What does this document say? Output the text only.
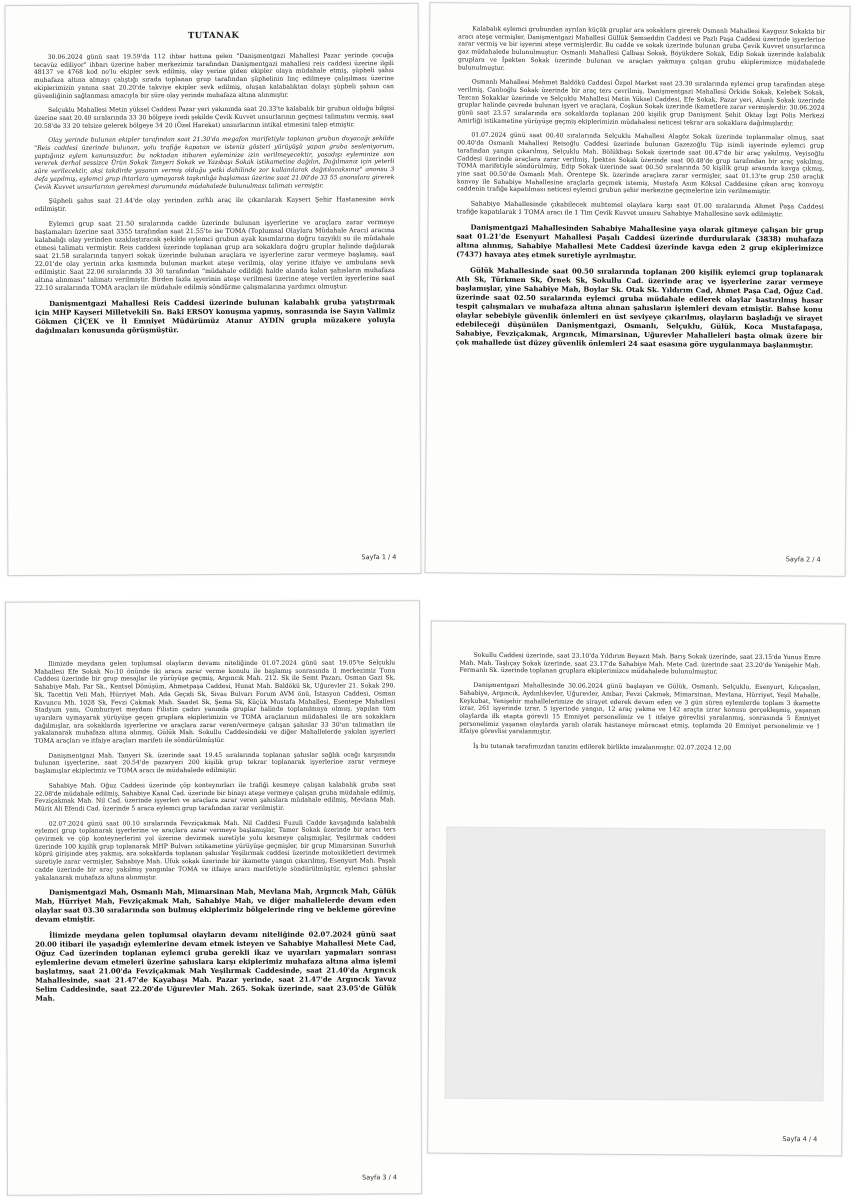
TUTANAK

30.06.2024 günü saat 19.59'da 112 ihbar hattına gelen "Danişmentgazi Mahallesi Pazar yerinde çocuğa tecavüz ediliyor" ihbarı üzerine haber merkezimiz tarafından Danişmentgazi mahallesi reis caddesi üzerine ilgili 48137 ve 4768 kod no'lu ekipler sevk edilmiş, olay yerine giden ekipler olaya müdahale etmiş, şüpheli şahsı muhafaza altına almayı çalıştığı sırada toplanan grup tarafından şüphelinin linç edilmeye çalışılması üzerine ekiplerimizin yanına saat 20.20'de takviye ekipler sevk edilmiş, oluşan kalabalıktan dolayı şüpheli şahsın can güvenliğinin sağlanması amacıyla bir süre olay yerinde muhafaza altına alınmıştır.

Selçuklu Mahallesi Metin yüksel Caddesi Pazar yeri yakınında saat 20.33'te kalabalık bir grubun olduğu bilgisi üzerine saat 20.40 sıralarında 33 30 bölgeye ivedi şekilde Çevik Kuvvet unsurlarının geçmesi talimatını vermiş, saat 20.58'de 33 20 telsize gelerek bölgeye 34 20 (Özel Harekat) unsurlarının intikal etmesini talep etmiştir.

Olay yerinde bulunan ekipler tarafından saat 21.30'da megafon marifetiyle toplanan grubun duyacağı şekilde "Reis caddesi üzerinde bulunan, yolu trafiğe kapatan ve isteniz gösteri yürüyüşü yapan gruba sesleniyorum, yaptığınız eylem kanunsuzdur, bu noktadan itibaren eyleminize izin verilmeyecektir, yasadışı eyleminize son vererek derhal sessizce Ürün Sokak Tanyeri Sokak ve Yazıbaşı Sokak istikametine dağılın, Dağılmanız için yeterli süre verilecektir, aksi takdirde yasanın vermiş olduğu yetki dahilinde zor kullanılarak dağıtılacaksınız" anonsu 3 defa yapılmış, eylemci grup ihtarlara uymayarak taşkınlığa başlaması üzerine saat 21.00'de 33 55 anonslara girerek Çevik Kuvvet unsurlarının gerekmesi durumunda müdahalede bulunulması talimatı vermiştir.

Şüpheli şahıs saat 21.44'de olay yerinden zırhlı araç ile çıkarılarak Kayseri Şehir Hastanesine sevk edilmiştir.

Eylemci grup saat 21.50 sıralarında cadde üzerinde bulunan işyerlerine ve araçlara zarar vermeye başlamaları üzerine saat 3355 tarafından saat 21.55'te ise TOMA (Toplumsal Olaylara Müdahale Aracı) aracına kalabalığı olay yerinden uzaklaştıracak şekilde eylemci grubun ayak kısımlarına doğru tazyikli su ile müdahale etmesi talimatı vermiştir. Reis caddesi üzerinde toplanan grup ara sokaklara doğru gruplar halinde dağılarak saat 21.58 sıralarında tanyeri sokak üzerinde bulunan araçlara ve işyerlerine zarar vermeye başlamış, saat 22.01'de olay yerinin arka kısmında bulunan market ateşe verilmiş, olay yerine itfaiye ve ambulans sevk edilmiştir. Saat 22.06 sıralarında 33 30 tarafından "müdahale edildiği halde alanda kalan şahısların muhafaza altına alınması" talimatı verilmiştir. Birden fazla işyerinin ateşe verilmesi üzerine ateşe verilen işyerlerine saat 22.10 sıralarında TOMA araçları ile müdahale edilmiş söndürme çalışmalarına yardımcı olmuştur.

Danişmentgazi Mahallesi Reis Caddesi üzerinde bulunan kalabalık gruba yatıştırmak için MHP Kayseri Milletvekili Sn. Baki ERSOY konuşma yapmış, sonrasında ise Sayın Valimiz Gökmen ÇİÇEK ve İl Emniyet Müdürümüz Atanur AYDIN grupla müzakere yoluyla dağılmaları konusunda görüşmüştür.

Sayfa 1 / 4

Kalabalık eylemci grubundan ayrılan küçük gruplar ara sokaklara girerek Osmanlı Mahallesi Kaygısız Sokakta bir aracı ateşe vermişler, Danişmentgazi Mahallesi Güllük Şemseddin Caddesi ve Pazlı Paşa Caddesi üzerinde işyerlerine zarar vermiş ve bir işyerini ateşe vermişlerdir. Bu cadde ve sokak üzerinde bulunan gruba Çevik Kuvvet unsurlarınca gaz müdahalede bulunulmuştur. Osmanlı Mahallesi Çalbaşı Sokak, Böyükdere Sokak, Edip Sokak üzerinde kalabalık gruplara ve İpekten Sokak üzerinde bulunan ve araçları yakmaya çalışan grubu ekiplerimizce müdahalede bulunulmuştur.

Osmanlı Mahallesi Mehmet Baldökü Caddesi Özpol Market saat 23.30 sıralarında eylemci grup tarafından ateşe verilmiş, Canlıoğlu Sokak üzerinde bir araç ters çevrilmiş, Danişmentgazi Mahallesi Örkide Sokak, Kelebek Sokak, Tezcan Sokaklar üzerinde ve Selçuklu Mahallesi Metin Yüksel Caddesi, Efe Sokak, Pazar yeri, Alunlı Sokak üzerinde gruplar halinde çevrede bulunan işyeri ve araçlara, Coşkun Sokak üzerinde ikametlere zarar vermişlerdir. 30.06.2024 günü saat 23.57 sıralarında ara sokaklarda toplanan 200 kişilik grup Danişment Şehit Oktay İzgi Polis Merkezi Amirliği istikametine yürüyüşe geçmiş ekiplerimizin müdahalesi neticesi tekrar ara sokaklara dağılmışlardır.

01.07.2024 günü saat 00.40 sıralarında Selçuklu Mahallesi Alagöz Sokak üzerinde toplanmalar olmuş, saat 00.40'da Osmanlı Mahallesi Reisoğlu Caddesi üzerinde bulunan Gazezoğlu Tüp isimli işyerinde eylemci grup tarafından yangın çıkarılmış, Selçuklu Mah. Bölükbaşı Sokak üzerinde saat 00.47'de bir araç yakılmış, Veyisoğlu Caddesi üzerinde araçlara zarar verilmiş, İpekten Sokak üzerinde saat 00.48'de grup tarafından bir araç yakılmış, TOMA marifetiyle söndürülmüş, Edip Sokak üzerinde saat 00.50 sıralarında 50 kişilik grup arasında kavga çıkmış, yine saat 00.50'de Osmanlı Mah. Örentepe Sk. üzerinde araçlara zarar vermişler, saat 01.13'te grup 250 araçlık konvoy ile Sahabiye Mahallesine araçlarla geçmek istemiş, Mustafa Asım Köksal Caddesine çıkan araç konvoyu caddenin trafiğe kapatılması neticesi eylemci grubun şehir merkezine geçmelerine izin verilmemiştir.

Sahabiye Mahallesinde çıkabilecek muhtemel olaylara karşı saat 01.00 sıralarında Ahmet Paşa Caddesi trafiğe kapatılarak 1 TOMA aracı ile 1 Tim Çevik Kuvvet unsuru Sahabiye Mahallesine sevk edilmiştir.

Danişmentgazi Mahallesinden Sahabiye Mahallesine yaya olarak gitmeye çalışan bir grup saat 01.21'de Esenyurt Mahallesi Paşalı Caddesi üzerinde durdurularak (3838) muhafaza altına alınmış, Sahabiye Mahallesi Mete Caddesi üzerinde kavga eden 2 grup ekiplerimizce (7437) havaya ateş etmek suretiyle ayrılmıştır.

Gülük Mahallesinde saat 00.50 sıralarında toplanan 200 kişilik eylemci grup toplanarak Atlı Sk, Türkmen Sk, Örnek Sk, Sokullu Cad. üzerinde araç ve işyerlerine zarar vermeye başlamışlar, yine Sahabiye Mah, Boylar Sk. Otak Sk. Yıldırım Cad, Ahmet Paşa Cad, Oğuz Cad. üzerinde saat 02.50 sıralarında eylemci gruba müdahale edilerek olaylar bastırılmış hasar tespit çalışmaları ve muhafaza altına alınan şahısların işlemleri devam etmiştir. Bahse konu olaylar sebebiyle güvenlik önlemleri en üst seviyeye çıkarılmış, olayların başladığı ve sirayet edebileceği düşünülen Danişmentgazi, Osmanlı, Selçuklu, Gülük, Koca Mustafapaşa, Sahabiye, Fevziçakmak, Argıncık, Mimarsinan, Uğurevler Mahalleleri başta olmak üzere bir çok mahallede üst düzey güvenlik önlemleri 24 saat esasına göre uygulanmaya başlanmıştır.

Sayfa 2 / 4

İlimizde meydana gelen toplumsal olayların devamı niteliğinde 01.07.2024 günü saat 19.05'te Selçuklu Mahallesi Efe Sokak No:10 önünde iki araca zarar verme konulu ile başlamış sonrasında il merkezimiz Tuna Caddesi üzerinde bir grup mesajlar ile yürüyüşe geçmiş, Argıncık Mah. 212. Sk ile Semt Pazarı, Osman Gazi Sk, Sahabiye Mah. Far Sk., Kentsel Dönüşüm, Ahmetpaşa Caddesi, Hunat Mah. Baldökü Sk, Uğurevler 21. Sokak 290. Sk, Tacettin Veli Mah, Hürriyet Mah. Ada Geçidi Sk, Sivas Bulvarı Forum AVM önü, İstasyon Caddesi, Osman Kavuncu Mh. 1028 Sk, Fevzi Çakmak Mah. Saadet Sk, Şema Sk, Küçük Mustafa Mahallesi, Esentepe Mahallesi Stadyum yanı, Cumhuriyet meydanı Filistin çadırı yanında gruplar halinde toplanılmaya olmuş, yapılan tüm uyarılara uymayarak yürüyüşe geçen gruplara ekiplerimizin ve TOMA araçlarının müdahalesi ile ara sokaklara dağılmışlar, ara sokaklarda işyerlerine ve araçlara zarar veren/vermeye çalışan şahıslar 33 30'un talimatları ile yakalanarak muhafaza altına alınmış, Gülük Mah. Sokullu Caddesindeki ve diğer Mahallelerde yakılan işyerleri TOMA araçları ve itfaiye araçları marifeti ile söndürülmüştür.

Danişmentgazi Mah. Tanyeri Sk. üzerinde saat 19.45 sıralarında toplanan şahıslar sağlık ocağı karşısında bulunan işyerlerine, saat 20.54'de pazaryeri 200 kişilik grup tekrar toplanarak işyerlerine zarar vermeye başlamışlar ekiplerimiz ve TOMA aracı ile müdahalede edilmiştir.

Sahabiye Mah. Oğuz Caddesi üzerinde çöp konteynırları ile trafiği kesmeye çalışan kalabalık gruba saat 22.08'de müdahale edilmiş, Sahabiye Kanal Cad. üzerinde bir binayı ateşe vermeye çalışan gruba müdahale edilmiş, Fevziçakmak Mah. Nil Cad. üzerinde işyerleri ve araçlara zarar veren şahıslara müdahale edilmiş, Mevlana Mah. Mürit Ali Efendi Cad. üzerinde 5 araca eylemci grup tarafından zarar verilmiştir.

02.07.2024 günü saat 00.10 sıralarında Fevziçakmak Mah. Nil Caddesi Fuzuli Cadde kavşağında kalabalık eylemci grup toplanarak işyerlerine ve araçlara zarar vermeye başlamışlar, Tamer Sokak üzerinde bir aracı ters çevirmek ve çöp konteynerlerini yol üzerine devirmek suretiyle yolu kesmeye çalışmışlar, Yeşilırmak caddesi üzerinde 100 kişilik grup toplanarak MHP Bulvarı istikametine yürüyüşe geçmişler, bir grup Mimarsinan Susurluk köprü girişinde ateş yakmış, ara sokaklarda toplanan şahıslar Yeşilırmak caddesi üzerinde motosikletleri devirmek suretiyle zarar vermişler, Sahabiye Mah. Ufuk sokak üzerinde bir ikamette yangın çıkarılmış, Esenyurt Mah. Paşalı cadde üzerinde bir araç yakılmış yangınlar TOMA ve itfaiye aracı marifetiyle söndürülmüştür, eylemci şahıslar yakalanarak muhafaza altına alınmıştır.

Danişmentgazi Mah, Osmanlı Mah, Mimarsinan Mah, Mevlana Mah, Argıncık Mah, Gülük Mah, Hürriyet Mah, Fevziçakmak Mah, Sahabiye Mah, ve diğer mahallelerde devam eden olaylar saat 03.30 sıralarında son bulmuş ekiplerimiz bölgelerinde ring ve bekleme görevine devam etmiştir.

İlimizde meydana gelen toplumsal olayların devamı niteliğinde 02.07.2024 günü saat 20.00 itibari ile yaşadığı eylemlerine devam etmek isteyen ve Sahabiye Mahallesi Mete Cad, Oğuz Cad üzerinden toplanan eylemci gruba gerekli ikaz ve uyarıları yapmaları sonrası eylemlerine devam etmeleri üzerine şahıslara karşı ekiplerimiz muhafaza altına alma işlemi başlatmış, saat 21.00'da Fevziçakmak Mah Yeşilırmak Caddesinde, saat 21.40'da Argıncık Mahallesinde, saat 21.47'de Kayabaşı Mah. Pazar yerinde, saat 21.47'de Argıncık Yavuz Selim Caddesinde, saat 22.20'de Uğurevler Mah. 265. Sokak üzerinde, saat 23.05'de Gülük Mah.

Sayfa 3 / 4

Sokullu Caddesi üzerinde, saat 23.10'da Yıldırım Beyazıt Mah. Barış Sokak üzerinde, saat 23.15'de Yunus Emre Mah. Mah. Taşlıçay Sokak üzerinde, saat 23.17'de Sahabiye Mah. Mete Cad. üzerinde saat 23.20'de Yenişehir Mah. Fermanlı Sk. üzerinde toplanan gruplara ekiplerimizce müdahalede bulunulmuştur.

Danişmentgazi Mahallesinde 30.06.2024 günü başlayan ve Gülük, Osmanlı, Selçuklu, Esenyurt, Kılıçaslan, Sahabiye, Argıncık, Aydınlıkevler, Uğurevler, Ambar, Fevzi Çakmak, Mimarsinan, Mevlana, Hürriyet, Yeşil Mahalle, Keykubat, Yenişehir mahallelerimize de sirayet ederek devam eden ve 3 gün süren eylemlerde toplam 3 ikamette izrar, 261 işyerinde izrar, 5 işyerinde yangın, 12 araç yakma ve 142 araçta izrar konusu gerçekleşmiş, yaşanan olaylarda ilk etapta görevli 15 Emniyet personelimiz ve 1 itfaiye görevlisi yaralanmış, sonrasında 5 Emniyet personelimiz yaşanan olaylarda yaralı olarak hastaneye müracaat etmiş, toplamda 20 Emniyet personelimiz ve 1 itfaiye görevlisi yaralanmıştır.

İş bu tutanak tarafımızdan tanzim edilerek birlikte imzalanmıştır. 02.07.2024 12.00

Sayfa 4 / 4
